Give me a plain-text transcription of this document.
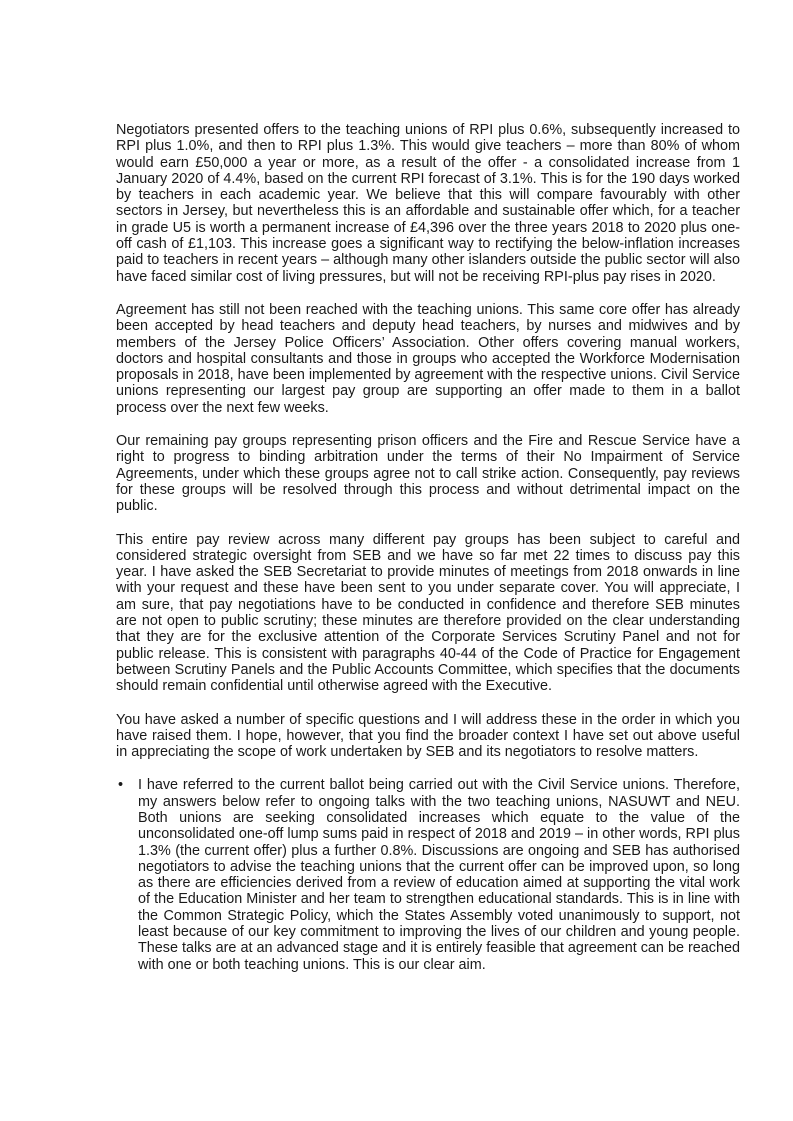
Negotiators presented offers to the teaching unions of RPI plus 0.6%, subsequently increased to RPI plus 1.0%, and then to RPI plus 1.3%. This would give teachers – more than 80% of whom would earn £50,000 a year or more, as a result of the offer - a consolidated increase from 1 January 2020 of 4.4%, based on the current RPI forecast of 3.1%. This is for the 190 days worked by teachers in each academic year. We believe that this will compare favourably with other sectors in Jersey, but nevertheless this is an affordable and sustainable offer which, for a teacher in grade U5 is worth a permanent increase of £4,396 over the three years 2018 to 2020 plus one-off cash of £1,103. This increase goes a significant way to rectifying the below-inflation increases paid to teachers in recent years – although many other islanders outside the public sector will also have faced similar cost of living pressures, but will not be receiving RPI-plus pay rises in 2020.

Agreement has still not been reached with the teaching unions. This same core offer has already been accepted by head teachers and deputy head teachers, by nurses and midwives and by members of the Jersey Police Officers’ Association. Other offers covering manual workers, doctors and hospital consultants and those in groups who accepted the Workforce Modernisation proposals in 2018, have been implemented by agreement with the respective unions. Civil Service unions representing our largest pay group are supporting an offer made to them in a ballot process over the next few weeks.

Our remaining pay groups representing prison officers and the Fire and Rescue Service have a right to progress to binding arbitration under the terms of their No Impairment of Service Agreements, under which these groups agree not to call strike action. Consequently, pay reviews for these groups will be resolved through this process and without detrimental impact on the public.

This entire pay review across many different pay groups has been subject to careful and considered strategic oversight from SEB and we have so far met 22 times to discuss pay this year. I have asked the SEB Secretariat to provide minutes of meetings from 2018 onwards in line with your request and these have been sent to you under separate cover. You will appreciate, I am sure, that pay negotiations have to be conducted in confidence and therefore SEB minutes are not open to public scrutiny; these minutes are therefore provided on the clear understanding that they are for the exclusive attention of the Corporate Services Scrutiny Panel and not for public release. This is consistent with paragraphs 40-44 of the Code of Practice for Engagement between Scrutiny Panels and the Public Accounts Committee, which specifies that the documents should remain confidential until otherwise agreed with the Executive.

You have asked a number of specific questions and I will address these in the order in which you have raised them. I hope, however, that you find the broader context I have set out above useful in appreciating the scope of work undertaken by SEB and its negotiators to resolve matters.

• I have referred to the current ballot being carried out with the Civil Service unions. Therefore, my answers below refer to ongoing talks with the two teaching unions, NASUWT and NEU. Both unions are seeking consolidated increases which equate to the value of the unconsolidated one-off lump sums paid in respect of 2018 and 2019 – in other words, RPI plus 1.3% (the current offer) plus a further 0.8%. Discussions are ongoing and SEB has authorised negotiators to advise the teaching unions that the current offer can be improved upon, so long as there are efficiencies derived from a review of education aimed at supporting the vital work of the Education Minister and her team to strengthen educational standards. This is in line with the Common Strategic Policy, which the States Assembly voted unanimously to support, not least because of our key commitment to improving the lives of our children and young people. These talks are at an advanced stage and it is entirely feasible that agreement can be reached with one or both teaching unions. This is our clear aim.
